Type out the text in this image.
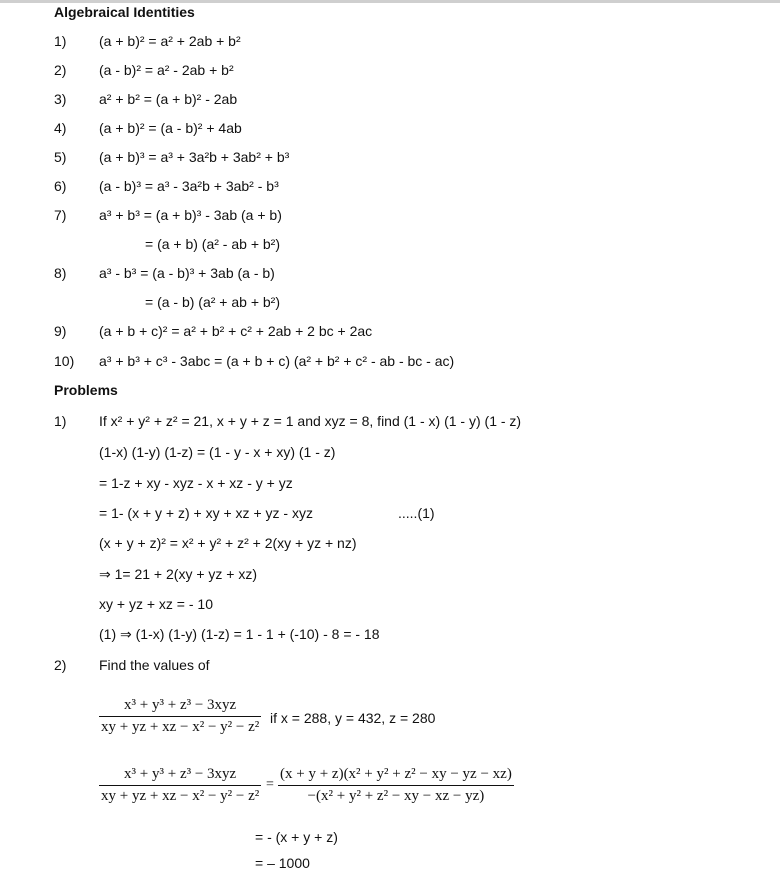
Algebraical Identities
1) (a + b)² = a² + 2ab + b²
2) (a - b)² = a² - 2ab + b²
3) a² + b² = (a + b)² - 2ab
4) (a + b)² = (a - b)² + 4ab
5) (a + b)³ = a³ + 3a²b + 3ab² + b³
6) (a - b)³ = a³ - 3a²b + 3ab² - b³
7) a³ + b³ = (a + b)³ - 3ab (a + b)
= (a + b) (a² - ab + b²)
8) a³ - b³ = (a - b)³ + 3ab (a - b)
= (a - b) (a² + ab + b²)
9) (a + b + c)² = a² + b² + c² + 2ab + 2 bc + 2ac
10) a³ + b³ + c³ - 3abc = (a + b + c) (a² + b² + c² - ab - bc - ac)
Problems
1) If x² + y² + z² = 21, x + y + z = 1 and xyz = 8, find (1 - x) (1 - y) (1 - z)
(1-x) (1-y) (1-z) = (1 - y - x + xy) (1 - z)
= 1-z + xy - xyz - x + xz - y + yz
= 1- (x + y + z) + xy + xz + yz - xyz	.....(1)
(x + y + z)² = x² + y² + z² + 2(xy + yz + nz)
⇒ 1= 21 + 2(xy + yz + xz)
xy + yz + xz = - 10
(1) ⇒ (1-x) (1-y) (1-z) = 1 - 1 + (-10) - 8 = - 18
2) Find the values of
x³ + y³ + z³ − 3xyz
xy + yz + xz − x² − y² − z²
if x = 288, y = 432, z = 280
x³ + y³ + z³ − 3xyz
xy + yz + xz − x² − y² − z²
=
(x + y + z)(x² + y² + z² − xy − yz − xz)
−(x² + y² + z² − xy − xz − yz)
= - (x + y + z)
= – 1000
